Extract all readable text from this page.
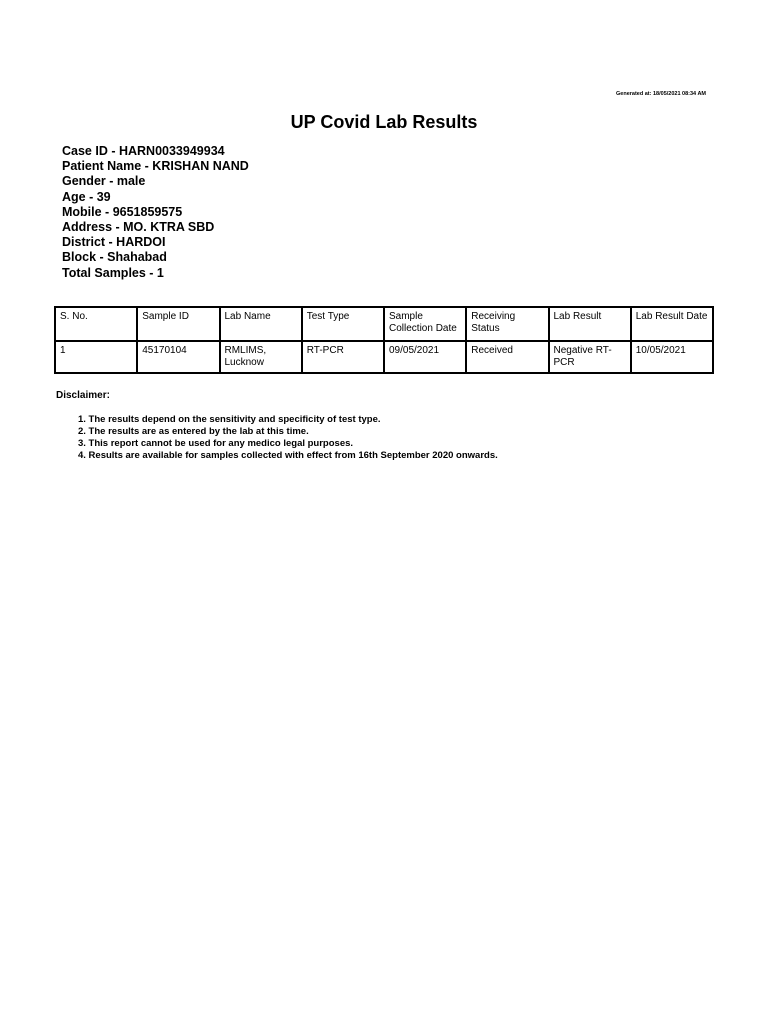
Generated at: 18/05/2021 08:34 AM
UP Covid Lab Results
Case ID - HARN0033949934
Patient Name - KRISHAN NAND
Gender - male
Age - 39
Mobile - 9651859575
Address - MO. KTRA SBD
District - HARDOI
Block - Shahabad
Total Samples - 1
S. No.	Sample ID	Lab Name	Test Type	Sample Collection Date	Receiving Status	Lab Result	Lab Result Date
1	45170104	RMLIMS, Lucknow	RT-PCR	09/05/2021	Received	Negative RT-PCR	10/05/2021
Disclaimer:
1. The results depend on the sensitivity and specificity of test type.
2. The results are as entered by the lab at this time.
3. This report cannot be used for any medico legal purposes.
4. Results are available for samples collected with effect from 16th September 2020 onwards.
